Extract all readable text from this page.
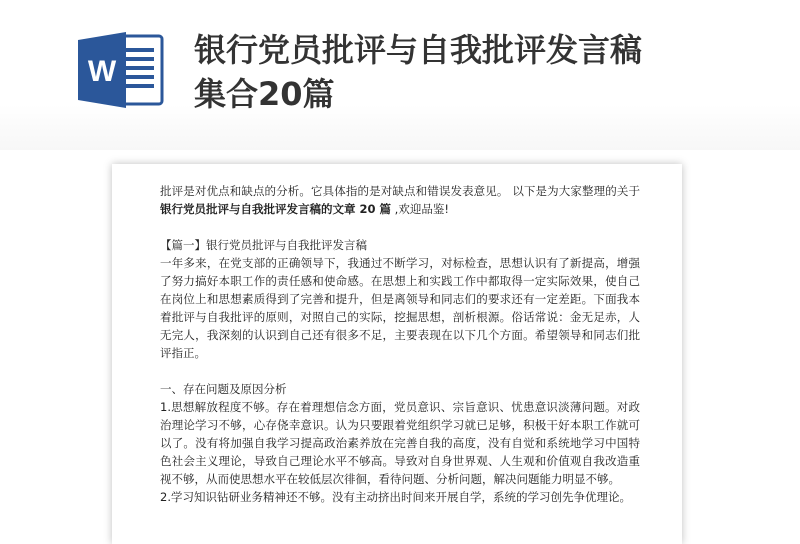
W
银行党员批评与自我批评发言稿
集合20篇

批评是对优点和缺点的分析。它具体指的是对缺点和错误发表意见。 以下是为大家整理的关于银行党员批评与自我批评发言稿的文章 20 篇 ,欢迎品鉴!

【篇一】银行党员批评与自我批评发言稿

一年多来，在党支部的正确领导下，我通过不断学习，对标检查，思想认识有了新提高，增强了努力搞好本职工作的责任感和使命感。在思想上和实践工作中都取得一定实际效果，使自己在岗位上和思想素质得到了完善和提升，但是离领导和同志们的要求还有一定差距。下面我本着批评与自我批评的原则，对照自己的实际，挖掘思想，剖析根源。俗话常说：金无足赤，人无完人，我深刻的认识到自己还有很多不足，主要表现在以下几个方面。希望领导和同志们批评指正。

一、存在问题及原因分析

1.思想解放程度不够。存在着理想信念方面，党员意识、宗旨意识、忧患意识淡薄问题。对政治理论学习不够，心存侥幸意识。认为只要跟着党组织学习就已足够，积极干好本职工作就可以了。没有将加强自我学习提高政治素养放在完善自我的高度，没有自觉和系统地学习中国特色社会主义理论，导致自己理论水平不够高。导致对自身世界观、人生观和价值观自我改造重视不够，从而使思想水平在较低层次徘徊，看待问题、分析问题，解决问题能力明显不够。

2.学习知识钻研业务精神还不够。没有主动挤出时间来开展自学，系统的学习创先争优理论。
